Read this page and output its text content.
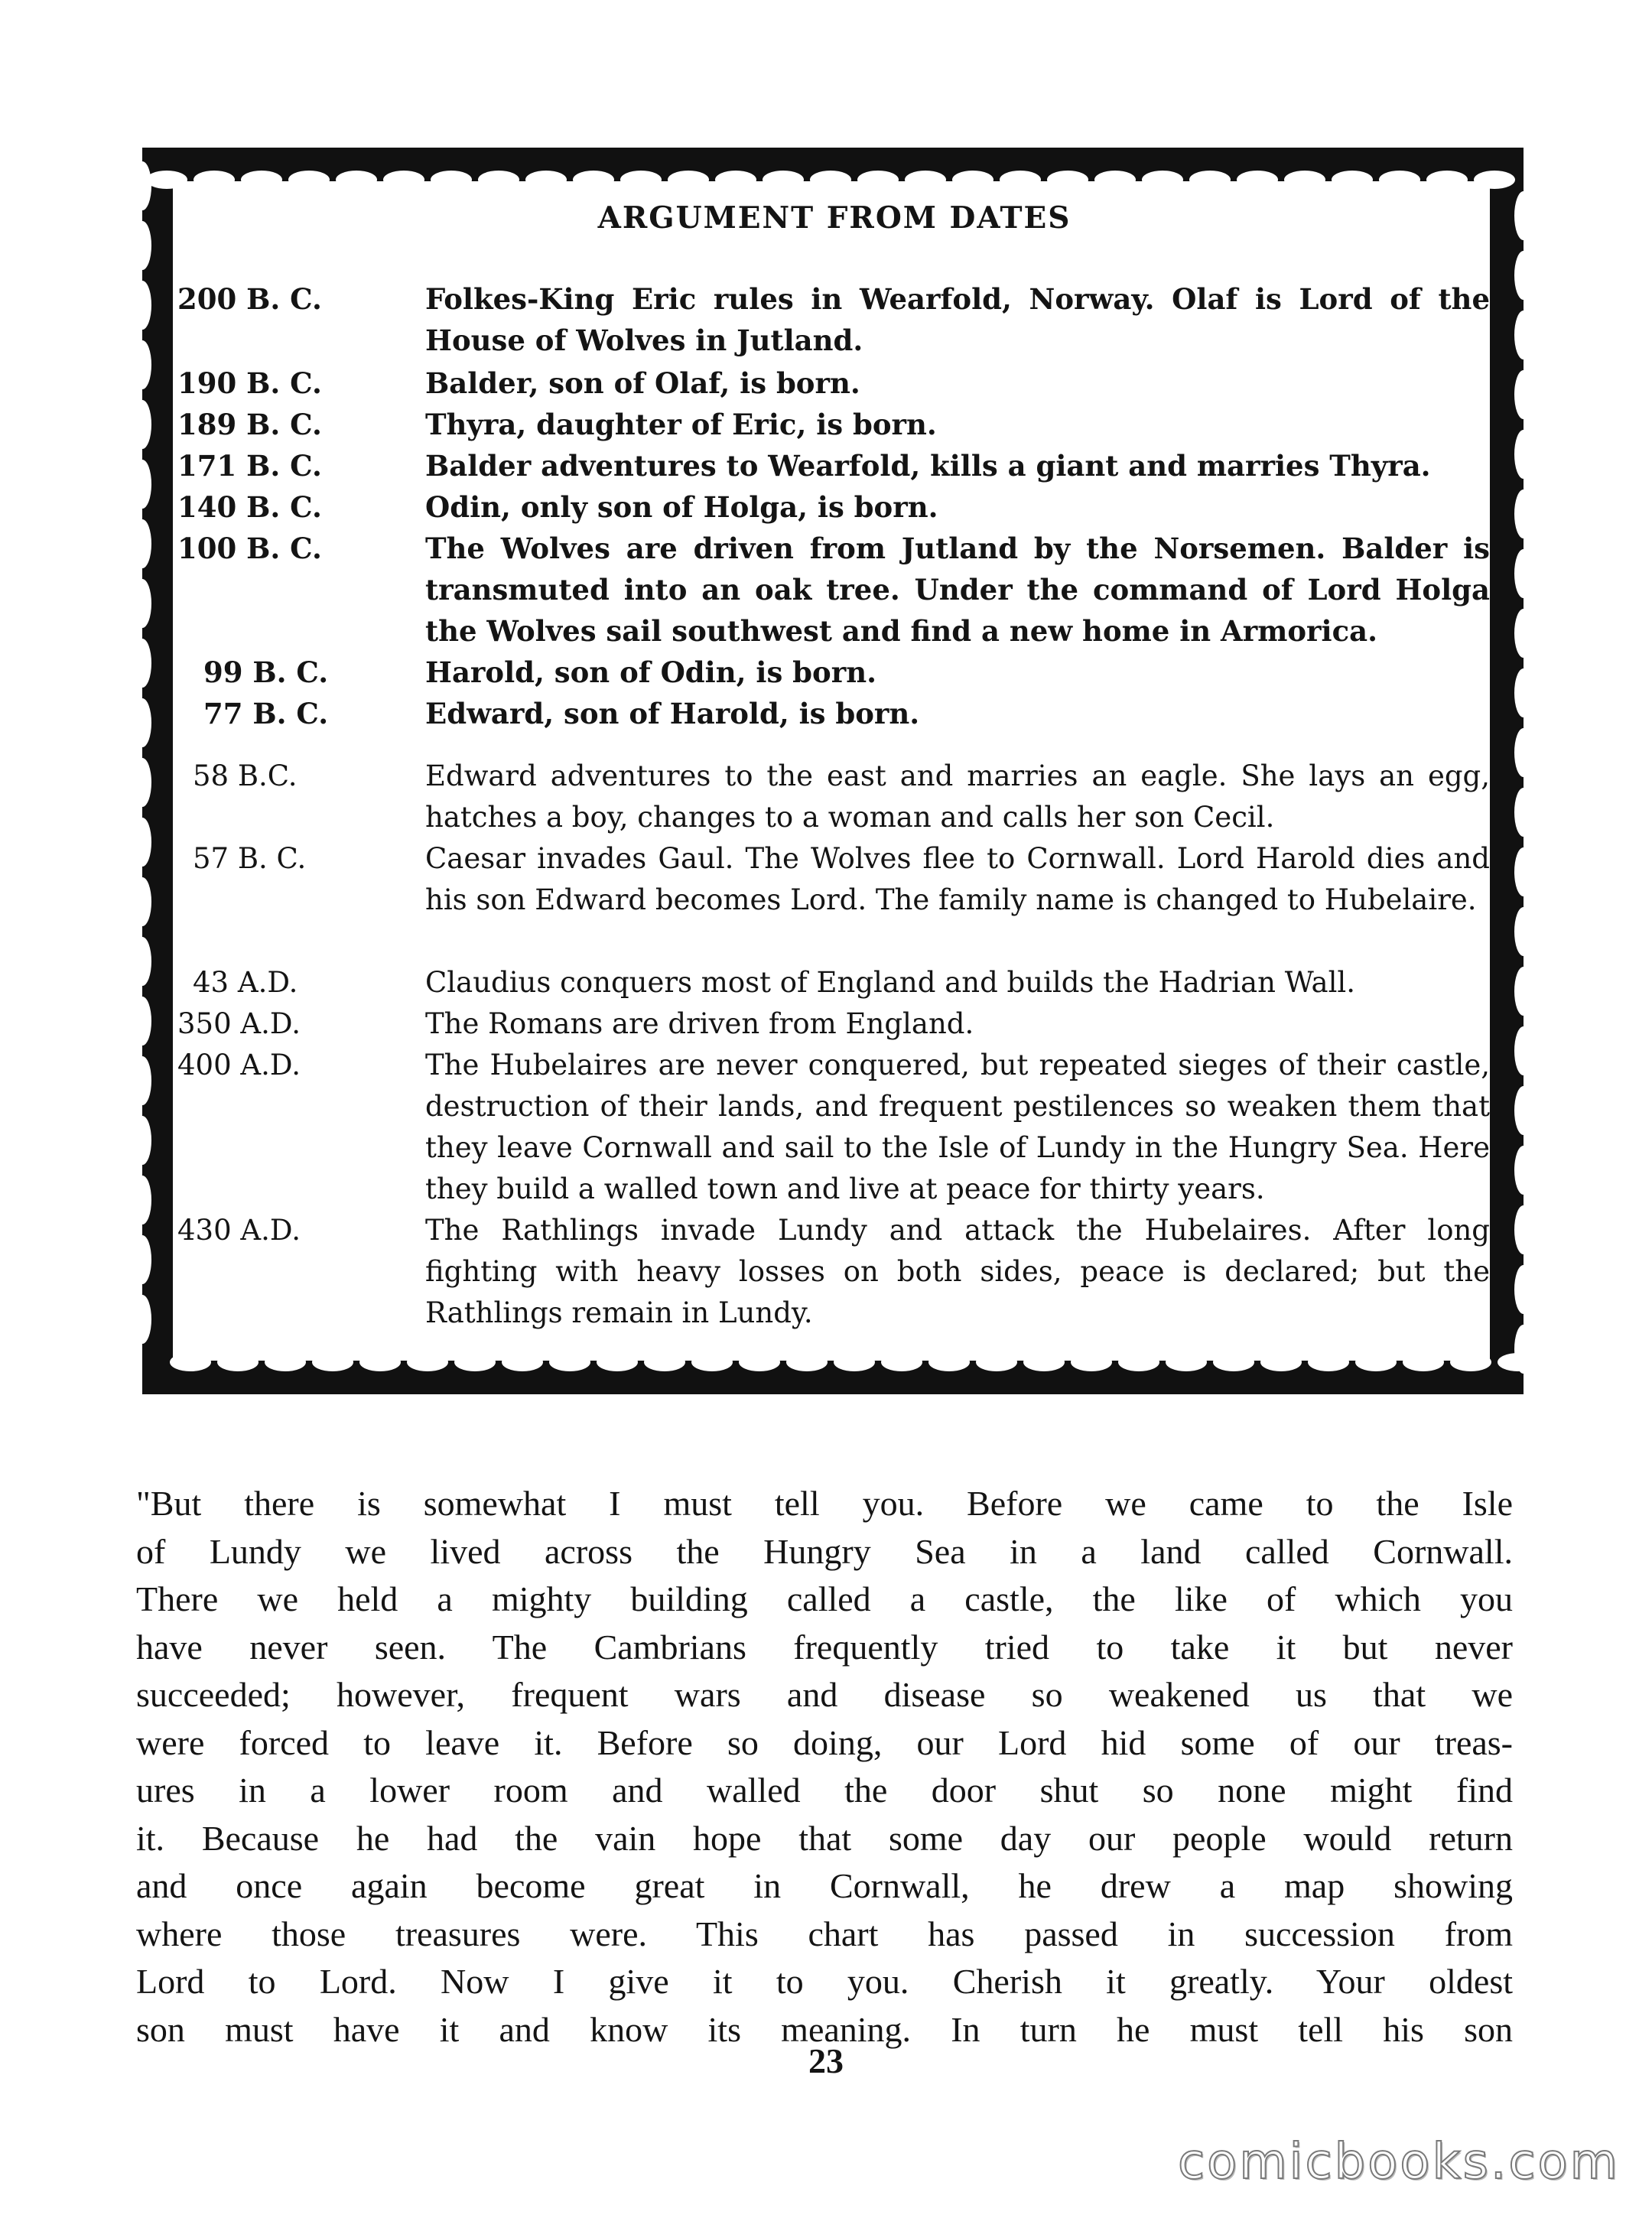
ARGUMENT FROM DATES
200 B. C.	Folkes-King Eric rules in Wearfold, Norway. Olaf is Lord of the House of Wolves in Jutland.
190 B. C.	Balder, son of Olaf, is born.
189 B. C.	Thyra, daughter of Eric, is born.
171 B. C.	Balder adventures to Wearfold, kills a giant and marries Thyra.
140 B. C.	Odin, only son of Holga, is born.
100 B. C.	The Wolves are driven from Jutland by the Norsemen. Balder is transmuted into an oak tree. Under the command of Lord Holga the Wolves sail southwest and find a new home in Armorica.
99 B. C.	Harold, son of Odin, is born.
77 B. C.	Edward, son of Harold, is born.
58 B.C.	Edward adventures to the east and marries an eagle. She lays an egg, hatches a boy, changes to a woman and calls her son Cecil.
57 B. C.	Caesar invades Gaul. The Wolves flee to Cornwall. Lord Harold dies and his son Edward becomes Lord. The family name is changed to Hubelaire.
43 A.D.	Claudius conquers most of England and builds the Hadrian Wall.
350 A.D.	The Romans are driven from England.
400 A.D.	The Hubelaires are never conquered, but repeated sieges of their castle, destruction of their lands, and frequent pestilences so weaken them that they leave Cornwall and sail to the Isle of Lundy in the Hungry Sea. Here they build a walled town and live at peace for thirty years.
430 A.D.	The Rathlings invade Lundy and attack the Hubelaires. After long fighting with heavy losses on both sides, peace is declared; but the Rathlings remain in Lundy.
"But there is somewhat I must tell you. Before we came to the Isle
of Lundy we lived across the Hungry Sea in a land called Cornwall.
There we held a mighty building called a castle, the like of which you
have never seen. The Cambrians frequently tried to take it but never
succeeded; however, frequent wars and disease so weakened us that we
were forced to leave it. Before so doing, our Lord hid some of our treas-
ures in a lower room and walled the door shut so none might find
it. Because he had the vain hope that some day our people would return
and once again become great in Cornwall, he drew a map showing
where those treasures were. This chart has passed in succession from
Lord to Lord. Now I give it to you. Cherish it greatly. Your oldest
son must have it and know its meaning. In turn he must tell his son
23
comicbooks.com
